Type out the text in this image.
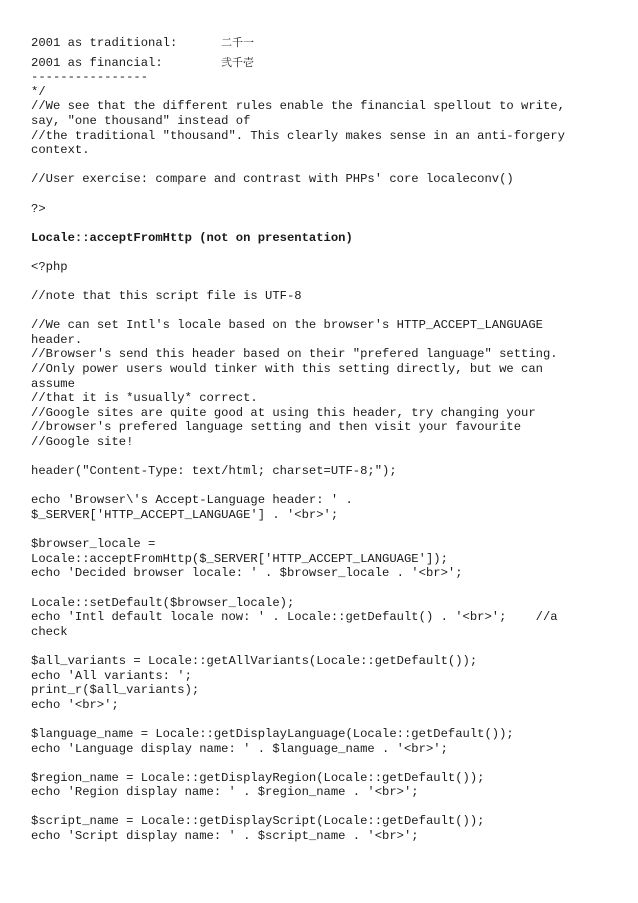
2001 as traditional:	二千一
2001 as financial:	弐千壱
----------------
*/
//We see that the different rules enable the financial spellout to write,
say, "one thousand" instead of
//the traditional "thousand". This clearly makes sense in an anti-forgery
context.
//User exercise: compare and contrast with PHPs' core localeconv()
?>
Locale::acceptFromHttp (not on presentation)
<?php
//note that this script file is UTF-8
//We can set Intl's locale based on the browser's HTTP_ACCEPT_LANGUAGE
header.
//Browser's send this header based on their "prefered language" setting.
//Only power users would tinker with this setting directly, but we can
assume
//that it is *usually* correct.
//Google sites are quite good at using this header, try changing your
//browser's prefered language setting and then visit your favourite
//Google site!
header("Content-Type: text/html; charset=UTF-8;");
echo 'Browser\'s Accept-Language header: ' .
$_SERVER['HTTP_ACCEPT_LANGUAGE'] . '<br>';
$browser_locale =
Locale::acceptFromHttp($_SERVER['HTTP_ACCEPT_LANGUAGE']);
echo 'Decided browser locale: ' . $browser_locale . '<br>';
Locale::setDefault($browser_locale);
echo 'Intl default locale now: ' . Locale::getDefault() . '<br>';    //a
check
$all_variants = Locale::getAllVariants(Locale::getDefault());
echo 'All variants: ';
print_r($all_variants);
echo '<br>';
$language_name = Locale::getDisplayLanguage(Locale::getDefault());
echo 'Language display name: ' . $language_name . '<br>';
$region_name = Locale::getDisplayRegion(Locale::getDefault());
echo 'Region display name: ' . $region_name . '<br>';
$script_name = Locale::getDisplayScript(Locale::getDefault());
echo 'Script display name: ' . $script_name . '<br>';
